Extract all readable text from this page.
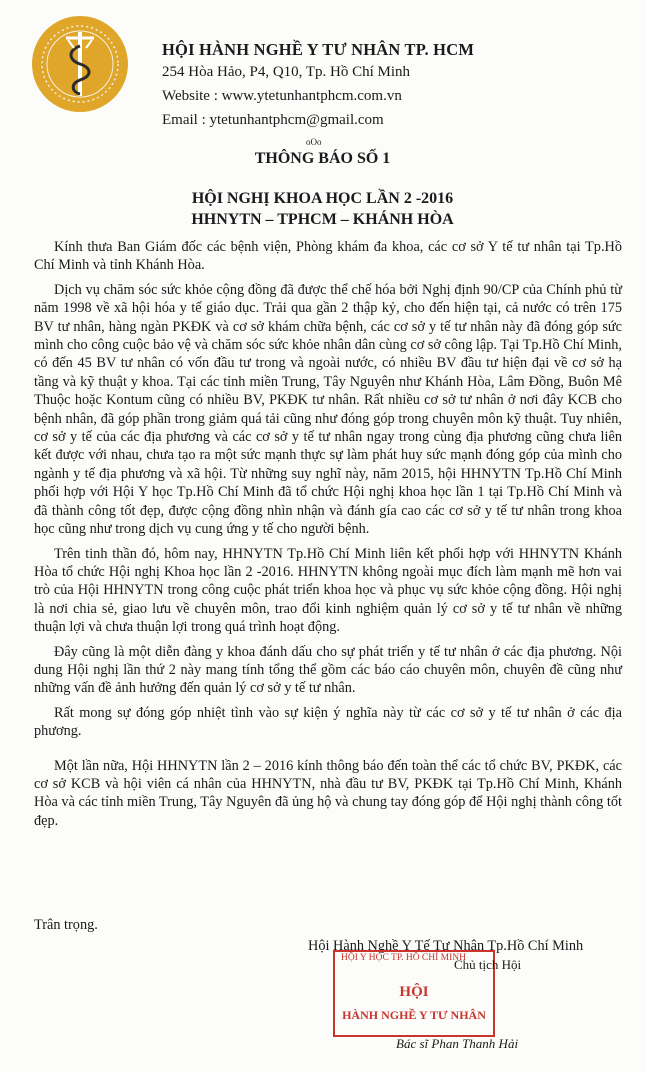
HỘI HÀNH NGHỀ Y TƯ NHÂN TP. HCM
254 Hòa Hảo, P4, Q10, Tp. Hồ Chí Minh
Website : www.ytetunhantphcm.com.vn
Email : ytetunhantphcm@gmail.com
oOo
THÔNG BÁO SỐ 1
HỘI NGHỊ KHOA HỌC LẦN 2 -2016
HHNYTN – TPHCM – KHÁNH HÒA

Kính thưa Ban Giám đốc các bệnh viện, Phòng khám đa khoa, các cơ sở Y tế tư nhân tại Tp.Hồ Chí Minh và tỉnh Khánh Hòa.

Dịch vụ chăm sóc sức khỏe cộng đồng đã được thể chế hóa bởi Nghị định 90/CP của Chính phủ từ năm 1998 về xã hội hóa y tế giáo dục. Trải qua gần 2 thập kỷ, cho đến hiện tại, cả nước có trên 175 BV tư nhân, hàng ngàn PKĐK và cơ sở khám chữa bệnh, các cơ sở y tế tư nhân này đã đóng góp sức mình cho công cuộc bảo vệ và chăm sóc sức khỏe nhân dân cùng cơ sở công lập. Tại Tp.Hồ Chí Minh, có đến 45 BV tư nhân có vốn đầu tư trong và ngoài nước, có nhiều BV đầu tư hiện đại về cơ sở hạ tầng và kỹ thuật y khoa. Tại các tỉnh miền Trung, Tây Nguyên như Khánh Hòa, Lâm Đồng, Buôn Mê Thuộc hoặc Kontum cũng có nhiều BV, PKĐK tư nhân. Rất nhiều cơ sở tư nhân ở nơi đây KCB cho bệnh nhân, đã góp phần trong giảm quá tải cũng như đóng góp trong chuyên môn kỹ thuật. Tuy nhiên, cơ sở y tế của các địa phương và các cơ sở y tế tư nhân ngay trong cùng địa phương cũng chưa liên kết được với nhau, chưa tạo ra một sức mạnh thực sự làm phát huy sức mạnh đóng góp của mình cho ngành y tế địa phương và xã hội. Từ những suy nghĩ này, năm 2015, hội HHNYTN Tp.Hồ Chí Minh phối hợp với Hội Y học Tp.Hồ Chí Minh đã tổ chức Hội nghị khoa học lần 1 tại Tp.Hồ Chí Minh và đã thành công tốt đẹp, được cộng đồng nhìn nhận và đánh gía cao các cơ sở y tế tư nhân trong khoa học cũng như trong dịch vụ cung ứng y tế cho người bệnh.

Trên tinh thần đó, hôm nay, HHNYTN Tp.Hồ Chí Minh liên kết phối hợp với HHNYTN Khánh Hòa tổ chức Hội nghị Khoa học lần 2 -2016. HHNYTN không ngoài mục đích làm mạnh mẽ hơn vai trò của Hội HHNYTN trong công cuộc phát triển khoa học và phục vụ sức khỏe cộng đồng. Hội nghị là nơi chia sẻ, giao lưu về chuyên môn, trao đổi kinh nghiệm quản lý cơ sở y tế tư nhân về những thuận lợi và chưa thuận lợi trong quá trình hoạt động.

Đây cũng là một diễn đàng y khoa đánh dấu cho sự phát triển y tế tư nhân ở các địa phương. Nội dung Hội nghị lần thứ 2 này mang tính tổng thể gồm các báo cáo chuyên môn, chuyên đề cũng như những vấn đề ảnh hưởng đến quản lý cơ sở y tế tư nhân.

Rất mong sự đóng góp nhiệt tình vào sự kiện ý nghĩa này từ các cơ sở y tế tư nhân ở các địa phương.

Một lần nữa, Hội HHNYTN lần 2 – 2016 kính thông báo đến toàn thể các tổ chức BV, PKĐK, các cơ sở KCB và hội viên cá nhân của HHNYTN, nhà đầu tư BV, PKĐK tại Tp.Hồ Chí Minh, Khánh Hòa và các tỉnh miền Trung, Tây Nguyên đã ủng hộ và chung tay đóng góp để Hội nghị thành công tốt đẹp.

Trân trọng.
Hội Hành Nghề Y Tế Tư Nhân Tp.Hồ Chí Minh
HỘI Y HỌC TP. HỒ CHÍ MINH
HỘI
HÀNH NGHỀ Y TƯ NHÂN
Chủ tịch Hội
Bác sĩ Phan Thanh Hải
